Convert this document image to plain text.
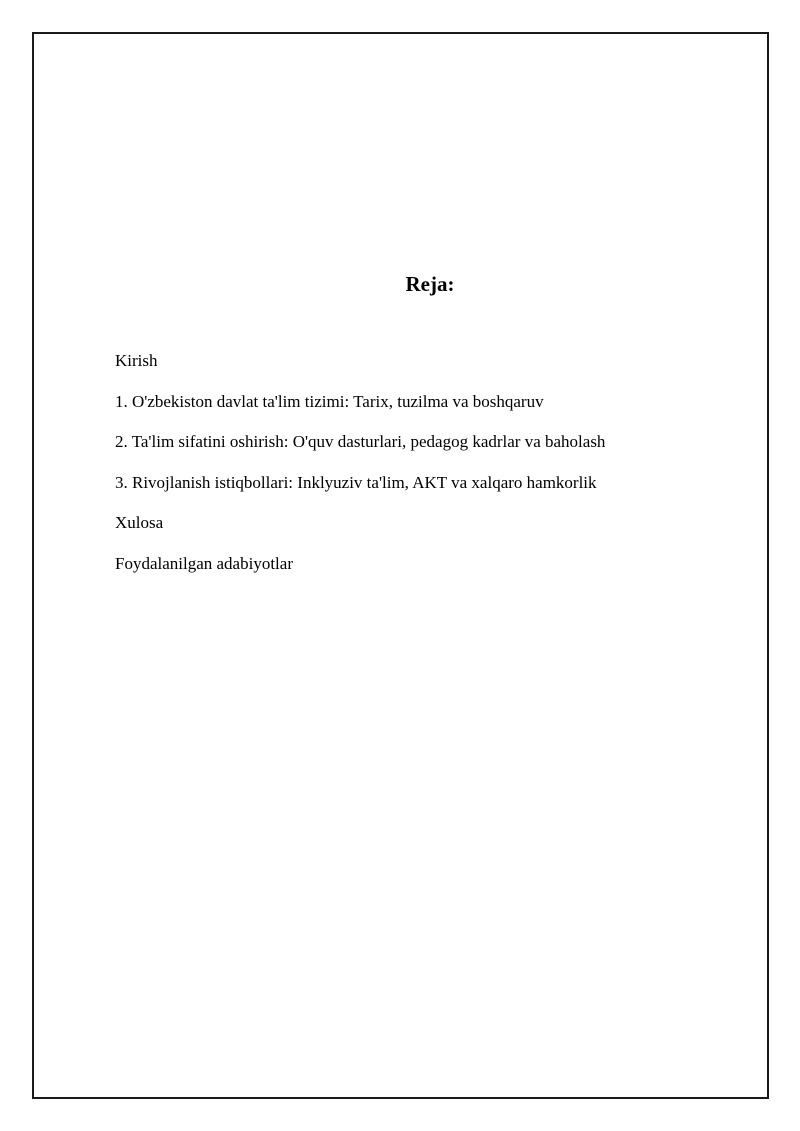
Reja:
Kirish
1. O'zbekiston davlat ta'lim tizimi: Tarix, tuzilma va boshqaruv
2. Ta'lim sifatini oshirish: O'quv dasturlari, pedagog kadrlar va baholash
3. Rivojlanish istiqbollari: Inklyuziv ta'lim, AKT va xalqaro hamkorlik
Xulosa
Foydalanilgan adabiyotlar
